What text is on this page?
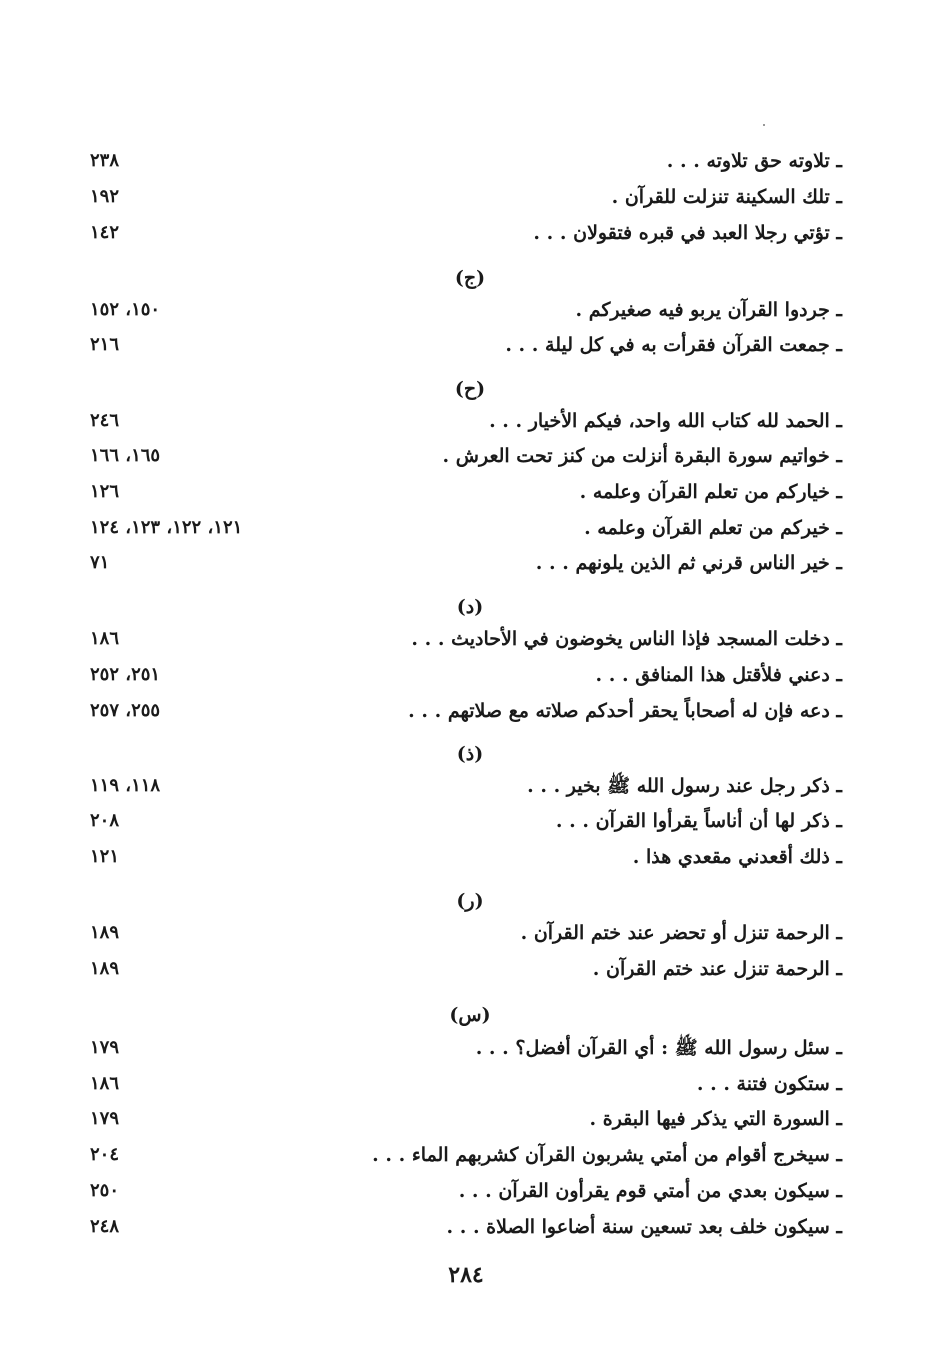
ـ تلاوته حق تلاوته . . .
٢٣٨
ـ تلك السكينة تنزلت للقرآن .
١٩٢
ـ تؤتي رجلا العبد في قبره فتقولان . . .
١٤٢
(ج)
ـ جردوا القرآن يربو فيه صغيركم .
١٥٠، ١٥٢
ـ جمعت القرآن فقرأت به في كل ليلة . . .
٢١٦
(ح)
ـ الحمد لله كتاب الله واحد، فيكم الأخيار . . .
٢٤٦
ـ خواتيم سورة البقرة أنزلت من كنز تحت العرش .
١٦٥، ١٦٦
ـ خياركم من تعلم القرآن وعلمه .
١٢٦
ـ خيركم من تعلم القرآن وعلمه .
١٢١، ١٢٢، ١٢٣، ١٢٤
ـ خير الناس قرني ثم الذين يلونهم . . .
٧١
(د)
ـ دخلت المسجد فإذا الناس يخوضون في الأحاديث . . .
١٨٦
ـ دعني فلأقتل هذا المنافق . . .
٢٥١، ٢٥٢
ـ دعه فإن له أصحاباً يحقر أحدكم صلاته مع صلاتهم . . .
٢٥٥، ٢٥٧
(ذ)
ـ ذكر رجل عند رسول الله ﷺ بخير . . .
١١٨، ١١٩
ـ ذكر لها أن أناساً يقرأوا القرآن . . .
٢٠٨
ـ ذلك أقعدني مقعدي هذا .
١٢١
(ر)
ـ الرحمة تنزل أو تحضر عند ختم القرآن .
١٨٩
ـ الرحمة تنزل عند ختم القرآن .
١٨٩
(س)
ـ سئل رسول الله ﷺ : أي القرآن أفضل؟ . . .
١٧٩
ـ ستكون فتنة . . .
١٨٦
ـ السورة التي يذكر فيها البقرة .
١٧٩
ـ سيخرج أقوام من أمتي يشربون القرآن كشربهم الماء . . .
٢٠٤
ـ سيكون بعدي من أمتي قوم يقرأون القرآن . . .
٢٥٠
ـ سيكون خلف بعد تسعين سنة أضاعوا الصلاة . . .
٢٤٨
٢٨٤
